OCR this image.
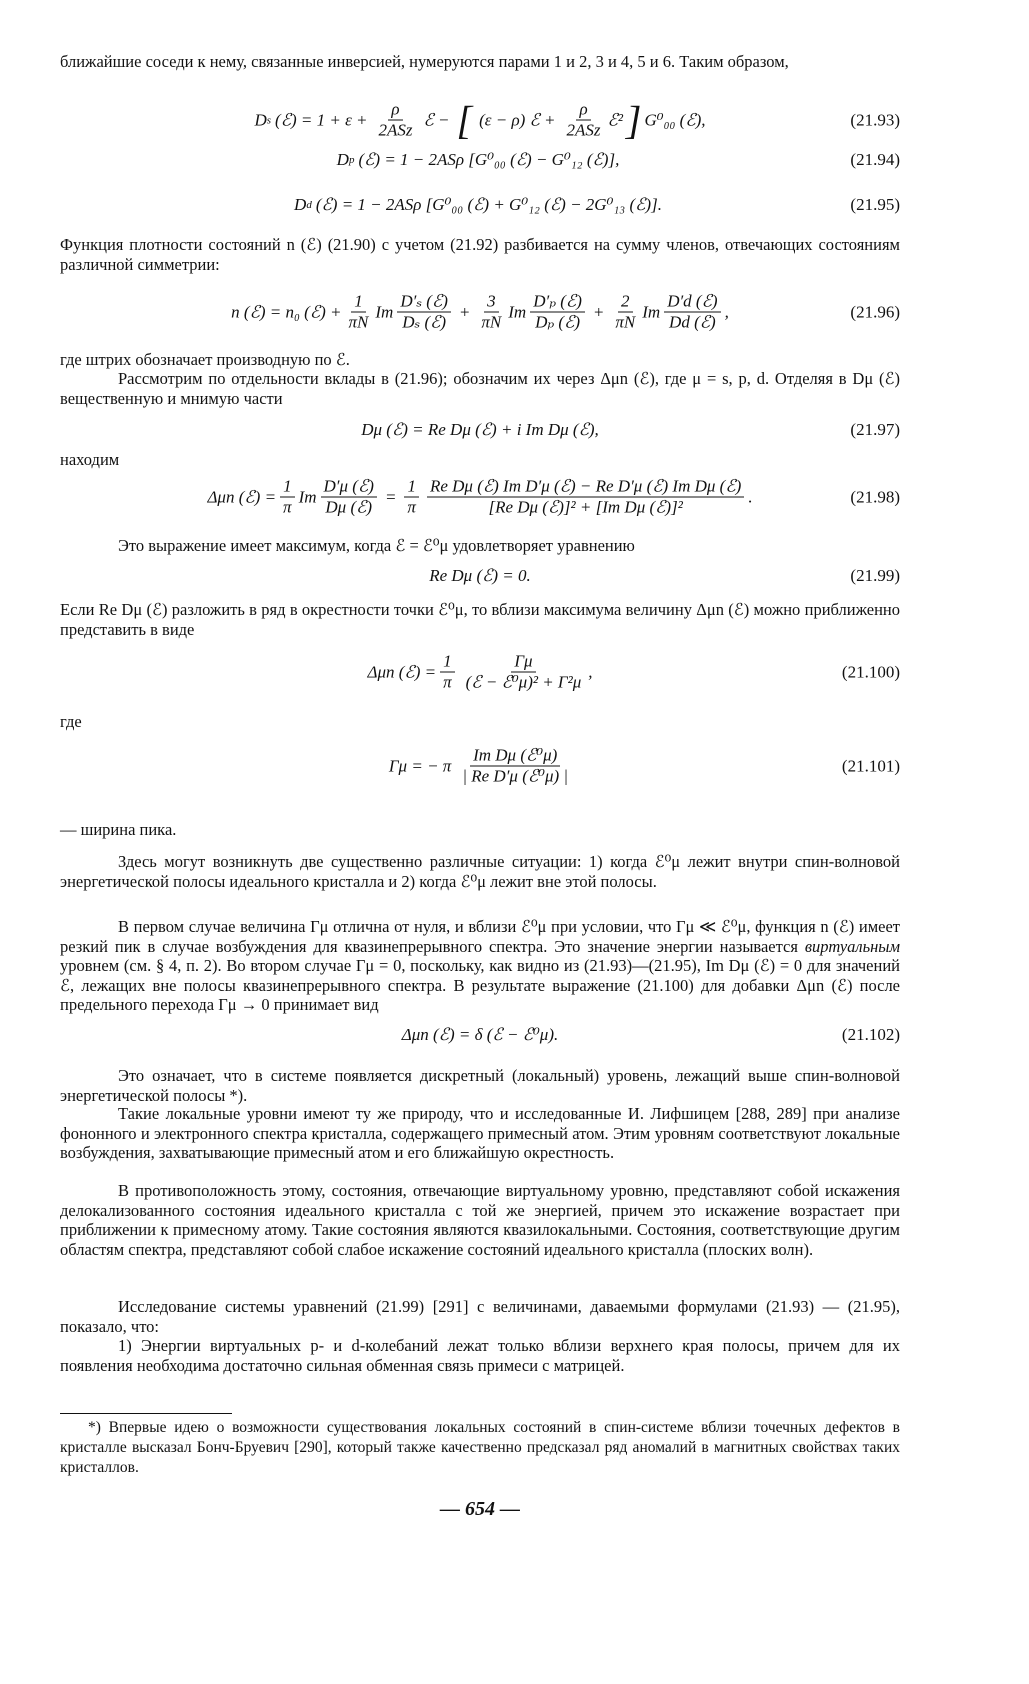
ближайшие соседи к нему, связанные инверсией, нумеруются парами 1 и 2, 3 и 4, 5 и 6. Таким образом,
D s (ℰ) = $1 + \varepsilon + \frac{\rho}{\text{2ASz}}$ ℰ − [ (ε − ρ) ℰ + $\frac{\rho}{\text{2ASz}}$ ℰ² ] G⁰₀₀ (ℰ),	(21.93)
D p (ℰ) = 1 − 2ASρ [G⁰₀₀ (ℰ) − G⁰₁₂ (ℰ)],	(21.94)
D d (ℰ) = 1 − 2ASρ [G⁰₀₀ (ℰ) + G⁰₁₂ (ℰ) − 2G⁰₁₃ (ℰ)].	(21.95)
Функция плотности состояний n (ℰ) (21.90) с учетом (21.92) разбивается на сумму членов, отвечающих состояниям различной симметрии:
n (ℰ) = n₀ (ℰ) + $\frac{1}{\pi N}$ Im $\frac{\text{D′ₛ (ℰ)}}{\text{Dₛ (ℰ)}} + \frac{3}{\pi N}$ Im $\frac{\text{D′ₚ (ℰ)}}{\text{Dₚ (ℰ)}} + \frac{2}{\pi N}$ Im $\frac{\text{D′d (ℰ)}}{\text{Dd (ℰ)}}$ ,	(21.96)
где штрих обозначает производную по ℰ.
Рассмотрим по отдельности вклады в (21.96); обозначим их через Δμn (ℰ), где μ = s, p, d. Отделяя в Dμ (ℰ) вещественную и мнимую части
Dμ (ℰ) = Re Dμ (ℰ) + i Im Dμ (ℰ),	(21.97)
находим
Δμn (ℰ) = $\frac{1}{\pi}$ Im $\frac{\text{D′μ (ℰ)}}{\text{Dμ (ℰ)}} = \frac{1}{\pi} \frac{\text{Re Dμ (ℰ) Im D′μ (ℰ) − Re D′μ (ℰ) Im Dμ (ℰ)}}{\text{[Re Dμ (ℰ)]² + [Im Dμ (ℰ)]²}}$ .	(21.98)
Это выражение имеет максимум, когда ℰ = ℰ⁰μ удовлетворяет уравнению
Re Dμ (ℰ) = 0.	(21.99)
Если Re Dμ (ℰ) разложить в ряд в окрестности точки ℰ⁰μ, то вблизи максимума величину Δμn (ℰ) можно приближенно представить в виде
Δμn (ℰ) = $\frac{1}{\pi} \frac{\Gamma\mu}{\text{(ℰ − ℰ⁰μ)² + Γ²μ}}$ ,	(21.100)
где
Γμ = − π $\frac{\text{Im Dμ (ℰ⁰μ)}}{\text{| Re D′μ (ℰ⁰μ) |}}$	(21.101)
— ширина пика.
Здесь могут возникнуть две существенно различные ситуации: 1) когда ℰ⁰μ лежит внутри спин-волновой энергетической полосы идеального кристалла и 2) когда ℰ⁰μ лежит вне этой полосы.
В первом случае величина Γμ отлична от нуля, и вблизи ℰ⁰μ при условии, что Γμ ≪ ℰ⁰μ, функция n (ℰ) имеет резкий пик в случае возбуждения для квазинепрерывного спектра. Это значение энергии называется виртуальным уровнем (см. § 4, п. 2). Во втором случае Γμ = 0, поскольку, как видно из (21.93)—(21.95), Im Dμ (ℰ) = 0 для значений ℰ, лежащих вне полосы квазинепрерывного спектра. В результате выражение (21.100) для добавки Δμn (ℰ) после предельного перехода Γμ → 0 принимает вид
Δμn (ℰ) = δ (ℰ − ℰ⁰μ).	(21.102)
Это означает, что в системе появляется дискретный (локальный) уровень, лежащий выше спин-волновой энергетической полосы *).
Такие локальные уровни имеют ту же природу, что и исследованные И. Лифшицем [288, 289] при анализе фононного и электронного спектра кристалла, содержащего примесный атом. Этим уровням соответствуют локальные возбуждения, захватывающие примесный атом и его ближайшую окрестность.
В противоположность этому, состояния, отвечающие виртуальному уровню, представляют собой искажения делокализованного состояния идеального кристалла с той же энергией, причем это искажение возрастает при приближении к примесному атому. Такие состояния являются квазилокальными. Состояния, соответствующие другим областям спектра, представляют собой слабое искажение состояний идеального кристалла (плоских волн).
Исследование системы уравнений (21.99) [291] с величинами, даваемыми формулами (21.93) — (21.95), показало, что:
1) Энергии виртуальных p- и d-колебаний лежат только вблизи верхнего края полосы, причем для их появления необходима достаточно сильная обменная связь примеси с матрицей.
*) Впервые идею о возможности существования локальных состояний в спин-системе вблизи точечных дефектов в кристалле высказал Бонч-Бруевич [290], который также качественно предсказал ряд аномалий в магнитных свойствах таких кристаллов.
— 654 —
